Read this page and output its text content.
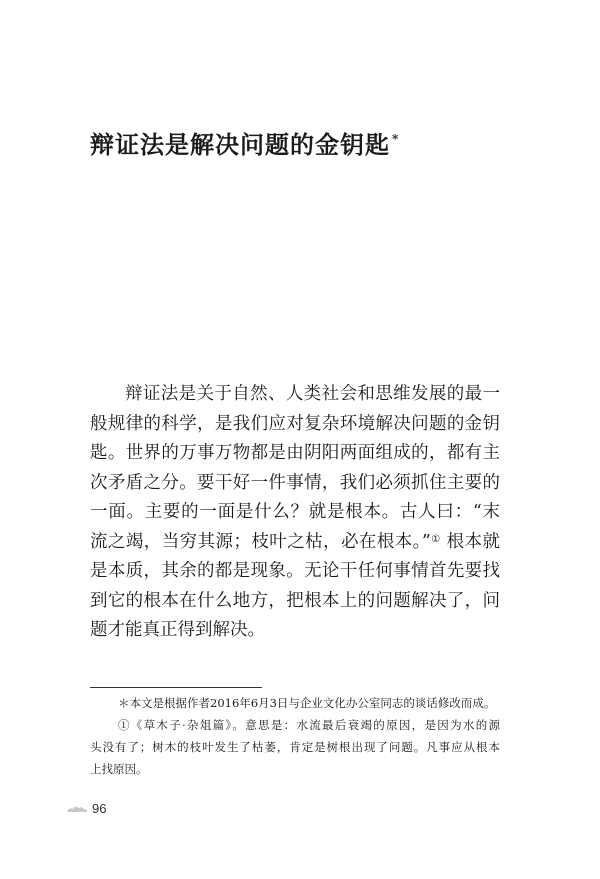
辩证法是解决问题的金钥匙 *
辩证法是关于自然、人类社会和思维发展的最一
般规律的科学，是我们应对复杂环境解决问题的金钥
匙。世界的万事万物都是由阴阳两面组成的，都有主
次矛盾之分。要干好一件事情，我们必须抓住主要的
一面。主要的一面是什么？就是根本。古人曰：“末
流之竭，当穷其源；枝叶之枯，必在根本。”① 根本就
是本质，其余的都是现象。无论干任何事情首先要找
到它的根本在什么地方，把根本上的问题解决了，问
题才能真正得到解决。
＊本文是根据作者2016年6月3日与企业文化办公室同志的谈话修改而成。
①《草木子·杂俎篇》。意思是：水流最后衰竭的原因，是因为水的源
头没有了；树木的枝叶发生了枯萎，肯定是树根出现了问题。凡事应从根本
上找原因。
96
